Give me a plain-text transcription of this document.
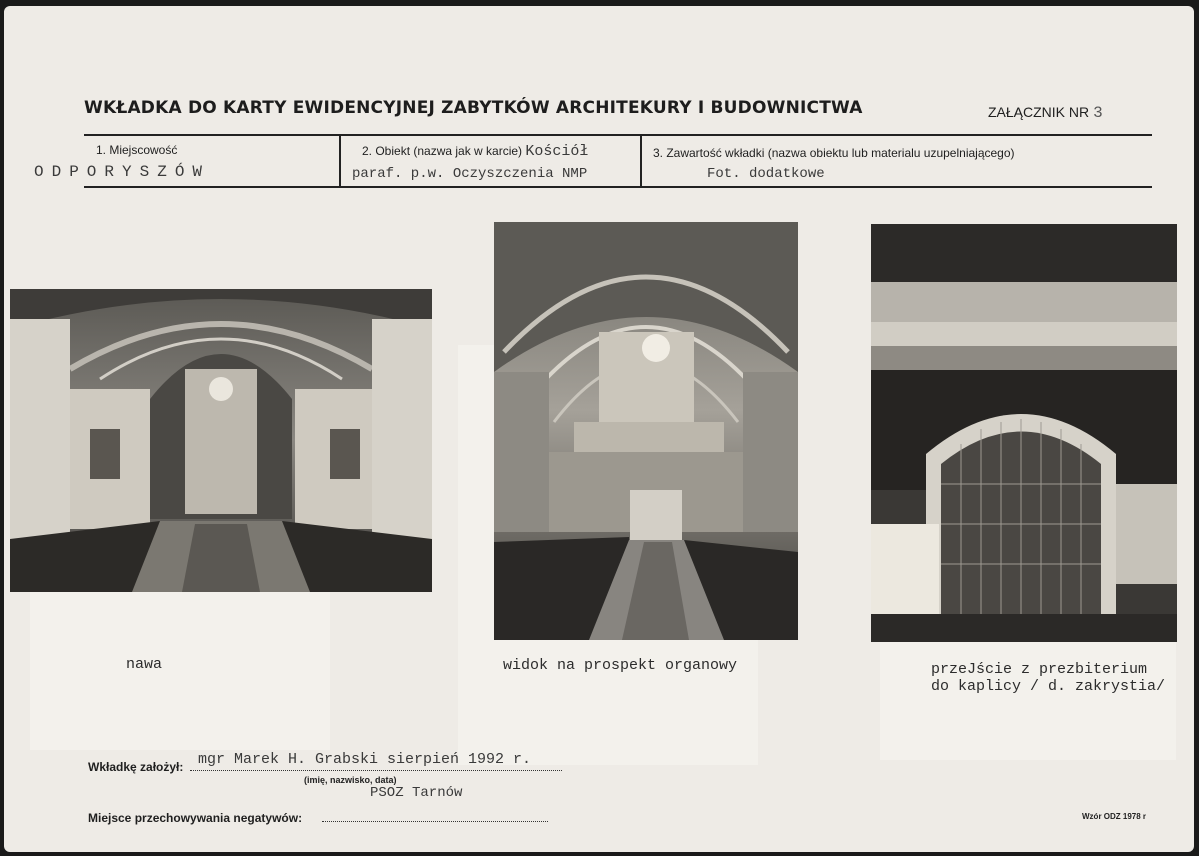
WKŁADKA DO KARTY EWIDENCYJNEJ ZABYTKÓW ARCHITEKURY I BUDOWNICTWA	ZAŁĄCZNIK NR 3
1. Miejscowość
ODPORYSZÓW
2. Obiekt (nazwa jak w karcie) Kościół
paraf. p.w. Oczyszczenia NMP
3. Zawartość wkładki (nazwa obiektu lub materialu uzupelniającego)
Fot. dodatkowe
nawa	widok na prospekt organowy	przeJście z prezbiterium
do kaplicy / d. zakrystia/
Wkładkę założył: mgr Marek H. Grabski sierpień 1992 r.
(imię, nazwisko, data)
PSOZ Tarnów
Miejsce przechowywania negatywów:	Wzór ODZ 1978 r
